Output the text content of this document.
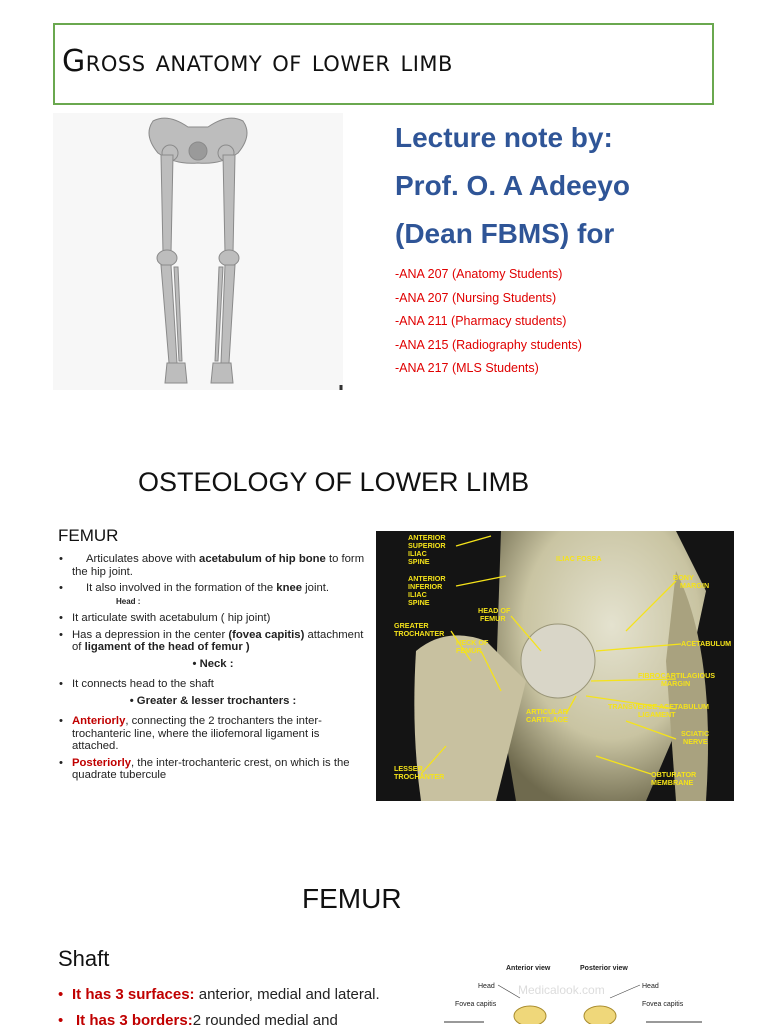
Gross anatomy of lower limb
Lecture note by:
Prof. O. A Adeeyo
(Dean FBMS) for
-ANA 207 (Anatomy Students)
-ANA 207 (Nursing Students)
-ANA 211 (Pharmacy students)
-ANA 215 (Radiography students)
-ANA 217 (MLS Students)
OSTEOLOGY OF LOWER LIMB
FEMUR
• Articulates above with acetabulum of hip bone to form the hip joint.
• It also involved in the formation of the knee joint.
Head :
• It articulate swith acetabulum ( hip joint)
• Has a depression in the center (fovea capitis) attachment of ligament of the head of femur )
• Neck :
• It connects head to the shaft
• Greater & lesser trochanters :
• Anteriorly, connecting the 2 trochanters the inter-trochanteric line, where the iliofemoral ligament is attached.
• Posteriorly, the inter-trochanteric crest, on which is the quadrate tubercule
ANTERIOR
SUPERIOR
ILIAC
SPINE	ILIAC FOSSA
ANTERIOR
INFERIOR
ILIAC
SPINE
BONY
MARGIN
HEAD OF
FEMUR
GREATER
TROCHANTER
NECK OF
FEMUR
ACETABULUM
FIBROCARTILAGIOUS
MARGIN
TRANSVERSE ACETABULUM
LIGAMENT
ARTICULAR
CARTILAGE
SCIATIC
NERVE
LESSER
TROCHANTER	OBTURATOR
MEMBRANE
FEMUR
Shaft
• It has 3 surfaces: anterior, medial and lateral.
• It has 3 borders:2 rounded medial and
Anterior view	Posterior view
Head	Head
Fovea capitis	Fovea capitis
Medicalook.com
